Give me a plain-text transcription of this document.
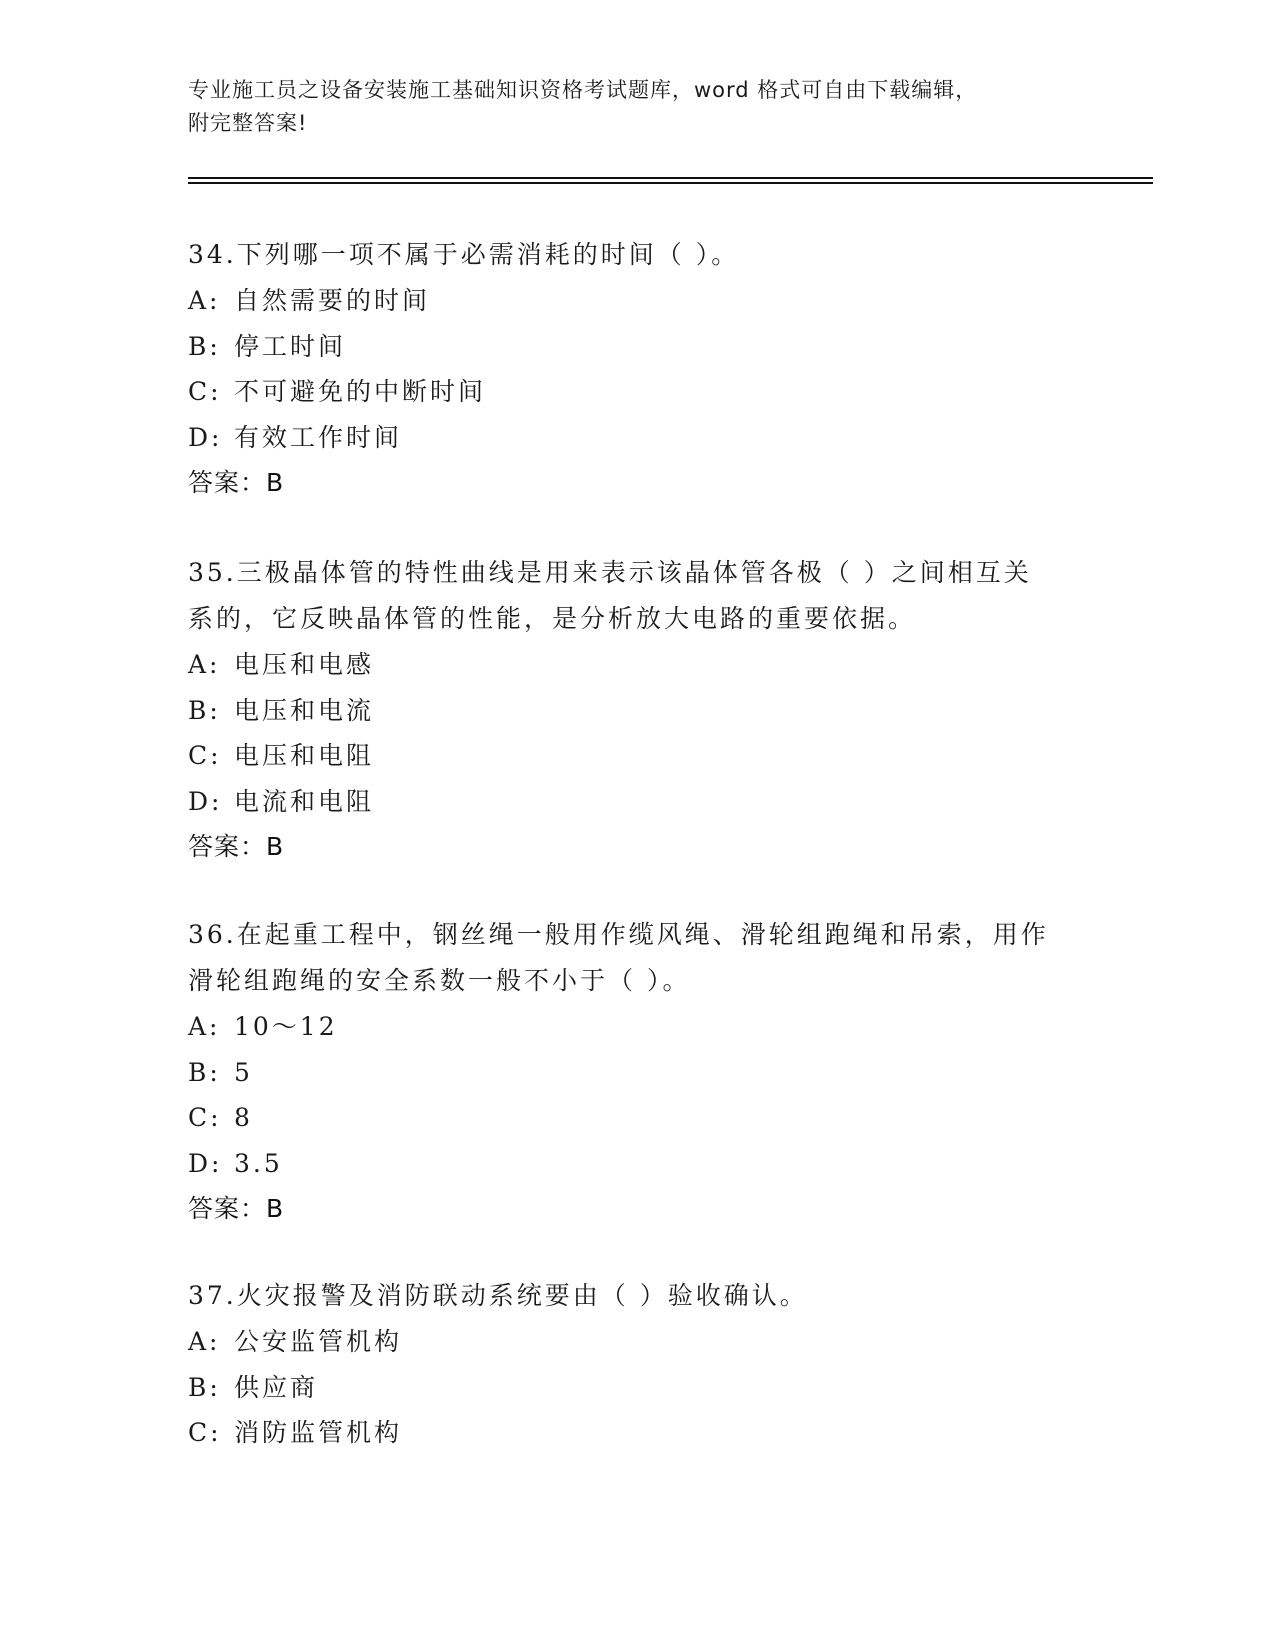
专业施工员之设备安装施工基础知识资格考试题库，word 格式可自由下载编辑，
附完整答案!
34.下列哪一项不属于必需消耗的时间（ ）。
A: 自然需要的时间
B: 停工时间
C: 不可避免的中断时间
D: 有效工作时间
答案：B
35.三极晶体管的特性曲线是用来表示该晶体管各极（ ）之间相互关
系的，它反映晶体管的性能，是分析放大电路的重要依据。
A: 电压和电感
B: 电压和电流
C: 电压和电阻
D: 电流和电阻
答案：B
36.在起重工程中，钢丝绳一般用作缆风绳、滑轮组跑绳和吊索，用作
滑轮组跑绳的安全系数一般不小于（ ）。
A: 10～12
B: 5
C: 8
D: 3.5
答案：B
37.火灾报警及消防联动系统要由（ ）验收确认。
A: 公安监管机构
B: 供应商
C: 消防监管机构
